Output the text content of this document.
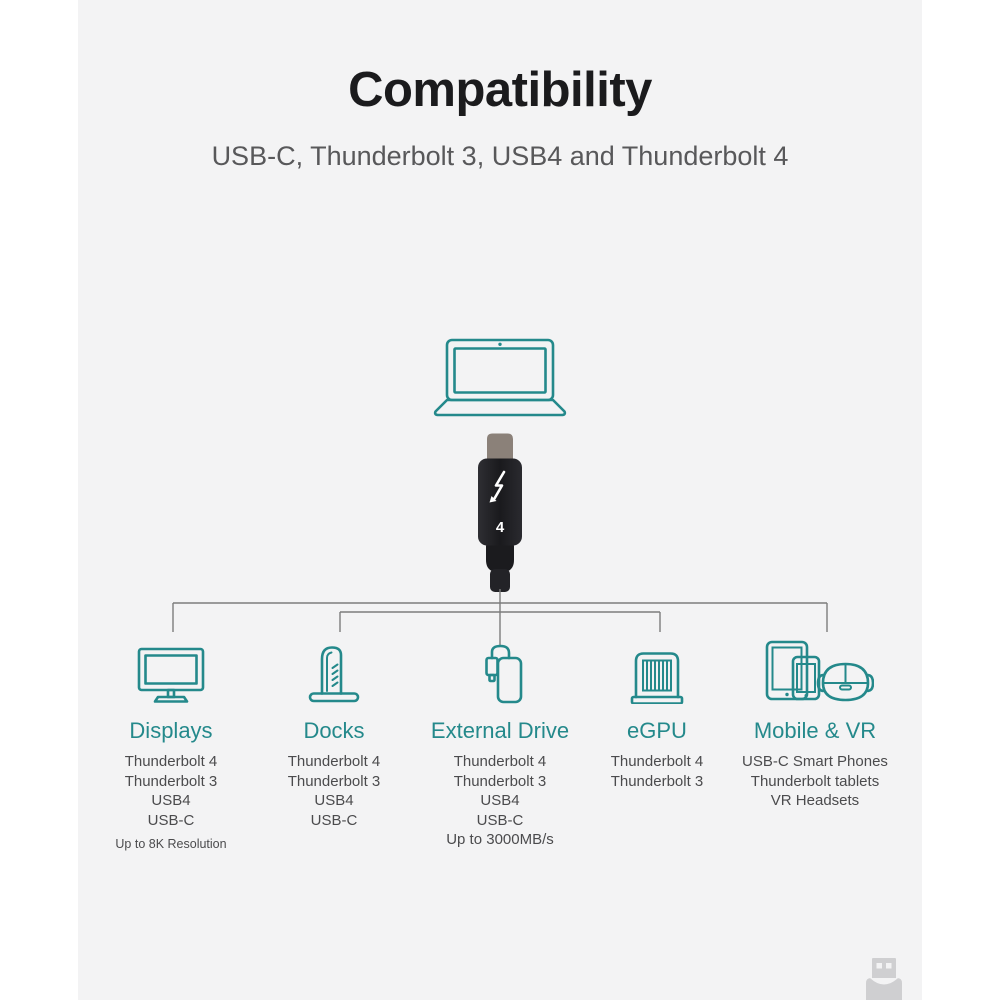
Compatibility
USB-C, Thunderbolt 3, USB4 and Thunderbolt 4
4
Displays
Thunderbolt 4
Thunderbolt 3
USB4
USB-C
Up to 8K Resolution
Docks
Thunderbolt 4
Thunderbolt 3
USB4
USB-C
External Drive
Thunderbolt 4
Thunderbolt 3
USB4
USB-C
Up to 3000MB/s
eGPU
Thunderbolt 4
Thunderbolt 3
Mobile & VR
USB-C Smart Phones
Thunderbolt tablets
VR Headsets
